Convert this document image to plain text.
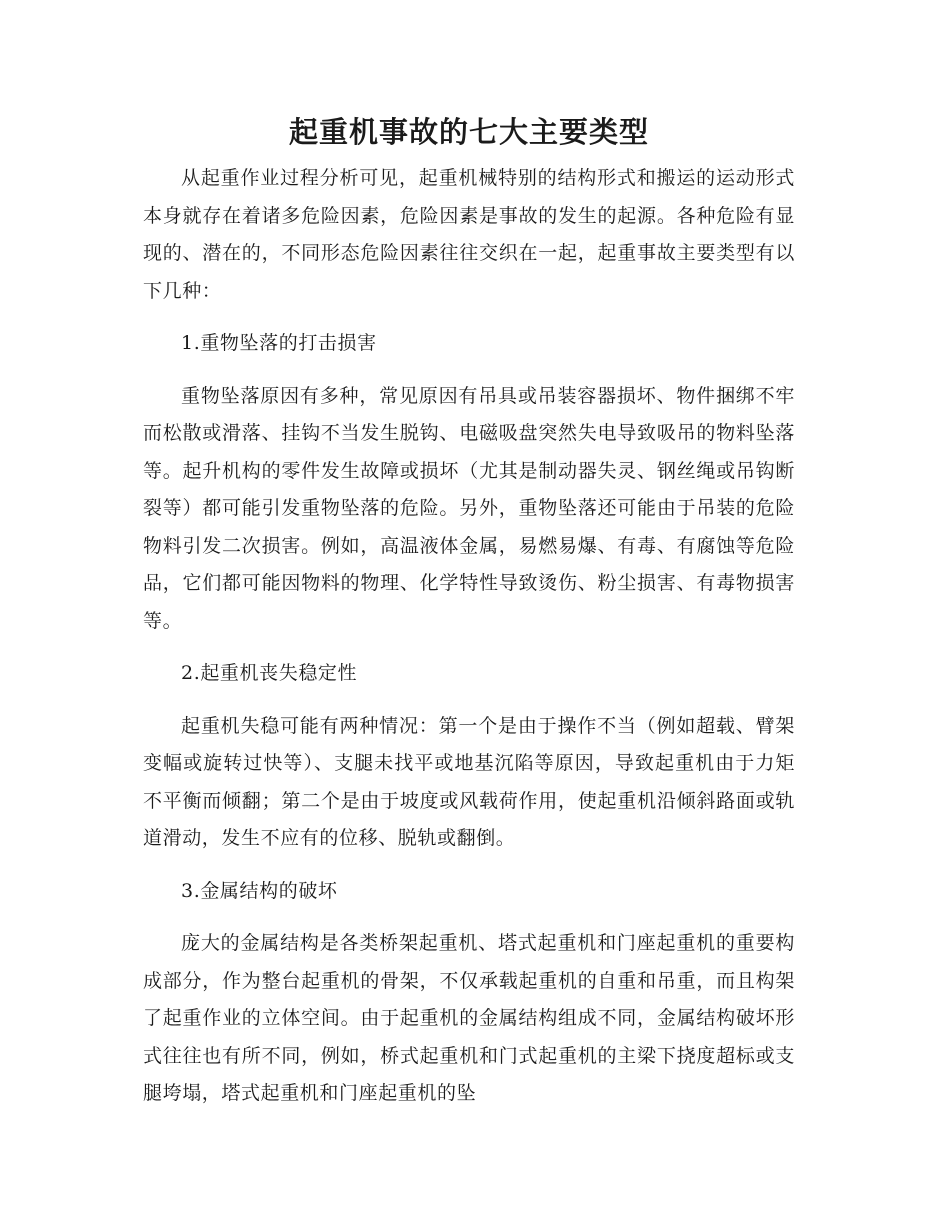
起重机事故的七大主要类型

从起重作业过程分析可见，起重机械特别的结构形式和搬运的运动形式本身就存在着诸多危险因素，危险因素是事故的发生的起源。各种危险有显现的、潜在的，不同形态危险因素往往交织在一起，起重事故主要类型有以下几种：

1.重物坠落的打击损害

重物坠落原因有多种，常见原因有吊具或吊装容器损坏、物件捆绑不牢而松散或滑落、挂钩不当发生脱钩、电磁吸盘突然失电导致吸吊的物料坠落等。起升机构的零件发生故障或损坏（尤其是制动器失灵、钢丝绳或吊钩断裂等）都可能引发重物坠落的危险。另外，重物坠落还可能由于吊装的危险物料引发二次损害。例如，高温液体金属，易燃易爆、有毒、有腐蚀等危险品，它们都可能因物料的物理、化学特性导致烫伤、粉尘损害、有毒物损害等。

2.起重机丧失稳定性

起重机失稳可能有两种情况：第一个是由于操作不当（例如超载、臂架变幅或旋转过快等）、支腿未找平或地基沉陷等原因，导致起重机由于力矩不平衡而倾翻；第二个是由于坡度或风载荷作用，使起重机沿倾斜路面或轨道滑动，发生不应有的位移、脱轨或翻倒。

3.金属结构的破坏

庞大的金属结构是各类桥架起重机、塔式起重机和门座起重机的重要构成部分，作为整台起重机的骨架，不仅承载起重机的自重和吊重，而且构架了起重作业的立体空间。由于起重机的金属结构组成不同，金属结构破坏形式往往也有所不同，例如，桥式起重机和门式起重机的主梁下挠度超标或支腿垮塌，塔式起重机和门座起重机的坠
